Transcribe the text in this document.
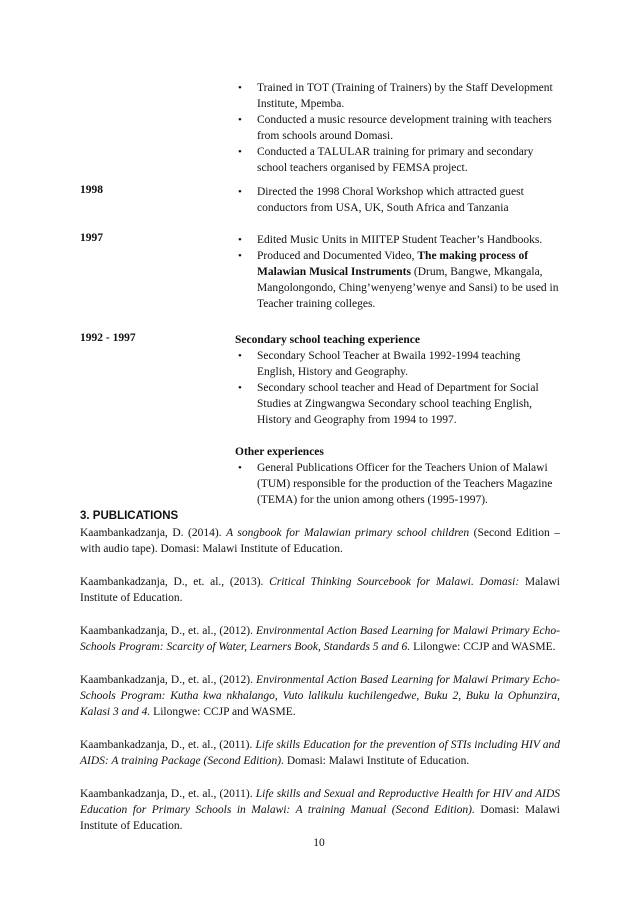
• Trained in TOT (Training of Trainers) by the Staff Development Institute, Mpemba.
• Conducted a music resource development training with teachers from schools around Domasi.
• Conducted a TALULAR training for primary and secondary school teachers organised by FEMSA project.
1998	• Directed the 1998 Choral Workshop which attracted guest conductors from USA, UK, South Africa and Tanzania
1997	• Edited Music Units in MIITEP Student Teacher’s Handbooks.
• Produced and Documented Video, The making process of Malawian Musical Instruments (Drum, Bangwe, Mkangala, Mangolongondo, Ching’wenyeng’wenye and Sansi) to be used in Teacher training colleges.
1992 - 1997	Secondary school teaching experience
• Secondary School Teacher at Bwaila 1992-1994 teaching English, History and Geography.
• Secondary school teacher and Head of Department for Social Studies at Zingwangwa Secondary school teaching English, History and Geography from 1994 to 1997.
Other experiences
• General Publications Officer for the Teachers Union of Malawi (TUM) responsible for the production of the Teachers Magazine (TEMA) for the union among others (1995-1997).
3. PUBLICATIONS

Kaambankadzanja, D. (2014). A songbook for Malawian primary school children (Second Edition – with audio tape). Domasi: Malawi Institute of Education.

Kaambankadzanja, D., et. al., (2013). Critical Thinking Sourcebook for Malawi. Domasi: Malawi Institute of Education.

Kaambankadzanja, D., et. al., (2012). Environmental Action Based Learning for Malawi Primary Echo-Schools Program: Scarcity of Water, Learners Book, Standards 5 and 6. Lilongwe: CCJP and WASME.

Kaambankadzanja, D., et. al., (2012). Environmental Action Based Learning for Malawi Primary Echo-Schools Program: Kutha kwa nkhalango, Vuto lalikulu kuchilengedwe, Buku 2, Buku la Ophunzira, Kalasi 3 and 4. Lilongwe: CCJP and WASME.

Kaambankadzanja, D., et. al., (2011). Life skills Education for the prevention of STIs including HIV and AIDS: A training Package (Second Edition). Domasi: Malawi Institute of Education.

Kaambankadzanja, D., et. al., (2011). Life skills and Sexual and Reproductive Health for HIV and AIDS Education for Primary Schools in Malawi: A training Manual (Second Edition). Domasi: Malawi Institute of Education.

10
